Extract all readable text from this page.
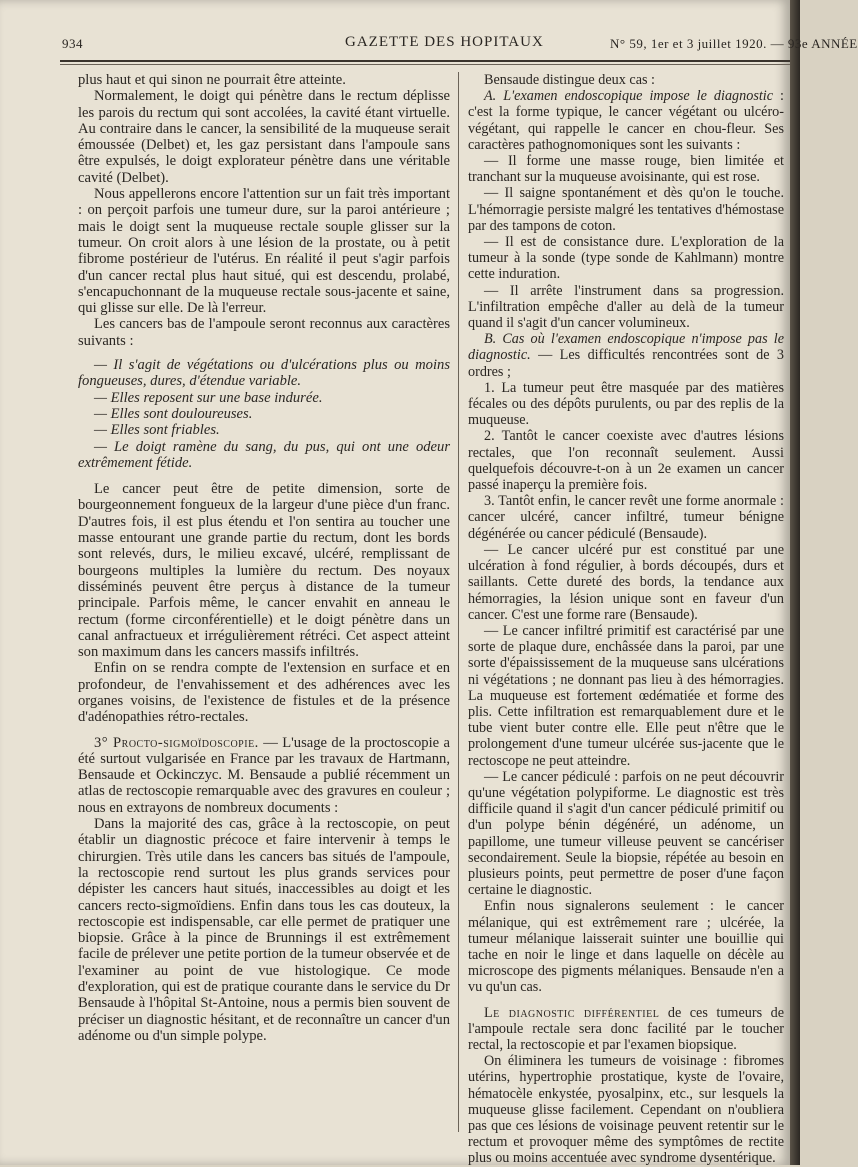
934	GAZETTE DES HOPITAUX	N° 59, 1er et 3 juillet 1920. — 93e ANNÉE

plus haut et qui sinon ne pourrait être atteinte.

Normalement, le doigt qui pénètre dans le rectum déplisse les parois du rectum qui sont accolées, la cavité étant virtuelle. Au contraire dans le cancer, la sensibilité de la muqueuse serait émoussée (Delbet) et, les gaz persistant dans l'ampoule sans être expulsés, le doigt explorateur pénètre dans une véritable cavité (Delbet).

Nous appellerons encore l'attention sur un fait très important : on perçoit parfois une tumeur dure, sur la paroi antérieure ; mais le doigt sent la muqueuse rectale souple glisser sur la tumeur. On croit alors à une lésion de la prostate, ou à petit fibrome postérieur de l'utérus. En réalité il peut s'agir parfois d'un cancer rectal plus haut situé, qui est descendu, prolabé, s'encapuchonnant de la muqueuse rectale sous-jacente et saine, qui glisse sur elle. De là l'erreur.

Les cancers bas de l'ampoule seront reconnus aux caractères suivants :

— Il s'agit de végétations ou d'ulcérations plus ou moins fongueuses, dures, d'étendue variable.

— Elles reposent sur une base indurée.

— Elles sont douloureuses.

— Elles sont friables.

— Le doigt ramène du sang, du pus, qui ont une odeur extrêmement fétide.

Le cancer peut être de petite dimension, sorte de bourgeonnement fongueux de la largeur d'une pièce d'un franc. D'autres fois, il est plus étendu et l'on sentira au toucher une masse entourant une grande partie du rectum, dont les bords sont relevés, durs, le milieu excavé, ulcéré, remplissant de bourgeons multiples la lumière du rectum. Des noyaux disséminés peuvent être perçus à distance de la tumeur principale. Parfois même, le cancer envahit en anneau le rectum (forme circonférentielle) et le doigt pénètre dans un canal anfractueux et irrégulièrement rétréci. Cet aspect atteint son maximum dans les cancers massifs infiltrés.

Enfin on se rendra compte de l'extension en surface et en profondeur, de l'envahissement et des adhérences avec les organes voisins, de l'existence de fistules et de la présence d'adénopathies rétro-rectales.

3° Procto-sigmoïdoscopie. — L'usage de la proctoscopie a été surtout vulgarisée en France par les travaux de Hartmann, Bensaude et Ockinczyc. M. Bensaude a publié récemment un atlas de rectoscopie remarquable avec des gravures en couleur ; nous en extrayons de nombreux documents :

Dans la majorité des cas, grâce à la rectoscopie, on peut établir un diagnostic précoce et faire intervenir à temps le chirurgien. Très utile dans les cancers bas situés de l'ampoule, la rectoscopie rend surtout les plus grands services pour dépister les cancers haut situés, inaccessibles au doigt et les cancers recto-sigmoïdiens. Enfin dans tous les cas douteux, la rectoscopie est indispensable, car elle permet de pratiquer une biopsie. Grâce à la pince de Brunnings il est extrêmement facile de prélever une petite portion de la tumeur observée et de l'examiner au point de vue histologique. Ce mode d'exploration, qui est de pratique courante dans le service du Dr Bensaude à l'hôpital St-Antoine, nous a permis bien souvent de préciser un diagnostic hésitant, et de reconnaître un cancer d'un adénome ou d'un simple polype.

Bensaude distingue deux cas :

A. L'examen endoscopique impose le diagnostic : c'est la forme typique, le cancer végétant ou ulcéro-végétant, qui rappelle le cancer en chou-fleur. Ses caractères pathognomoniques sont les suivants :

— Il forme une masse rouge, bien limitée et tranchant sur la muqueuse avoisinante, qui est rose.

— Il saigne spontanément et dès qu'on le touche. L'hémorragie persiste malgré les tentatives d'hémostase par des tampons de coton.

— Il est de consistance dure. L'exploration de la tumeur à la sonde (type sonde de Kahlmann) montre cette induration.

— Il arrête l'instrument dans sa progression. L'infiltration empêche d'aller au delà de la tumeur quand il s'agit d'un cancer volumineux.

B. Cas où l'examen endoscopique n'impose pas le diagnostic. — Les difficultés rencontrées sont de 3 ordres ;

1. La tumeur peut être masquée par des matières fécales ou des dépôts purulents, ou par des replis de la muqueuse.

2. Tantôt le cancer coexiste avec d'autres lésions rectales, que l'on reconnaît seulement. Aussi quelquefois découvre-t-on à un 2e examen un cancer passé inaperçu la première fois.

3. Tantôt enfin, le cancer revêt une forme anormale : cancer ulcéré, cancer infiltré, tumeur bénigne dégénérée ou cancer pédiculé (Bensaude).

— Le cancer ulcéré pur est constitué par une ulcération à fond régulier, à bords découpés, durs et saillants. Cette dureté des bords, la tendance aux hémorragies, la lésion unique sont en faveur d'un cancer. C'est une forme rare (Bensaude).

— Le cancer infiltré primitif est caractérisé par une sorte de plaque dure, enchâssée dans la paroi, par une sorte d'épaississement de la muqueuse sans ulcérations ni végétations ; ne donnant pas lieu à des hémorragies. La muqueuse est fortement œdématiée et forme des plis. Cette infiltration est remarquablement dure et le tube vient buter contre elle. Elle peut n'être que le prolongement d'une tumeur ulcérée sus-jacente que le rectoscope ne peut atteindre.

— Le cancer pédiculé : parfois on ne peut découvrir qu'une végétation polypiforme. Le diagnostic est très difficile quand il s'agit d'un cancer pédiculé primitif ou d'un polype bénin dégénéré, un adénome, un papillome, une tumeur villeuse peuvent se cancériser secondairement. Seule la biopsie, répétée au besoin en plusieurs points, peut permettre de poser d'une façon certaine le diagnostic.

Enfin nous signalerons seulement : le cancer mélanique, qui est extrêmement rare ; ulcérée, la tumeur mélanique laisserait suinter une bouillie qui tache en noir le linge et dans laquelle on décèle au microscope des pigments mélaniques. Bensaude n'en a vu qu'un cas.

Le diagnostic différentiel de ces tumeurs de l'ampoule rectale sera donc facilité par le toucher rectal, la rectoscopie et par l'examen biopsique.

On éliminera les tumeurs de voisinage : fibromes utérins, hypertrophie prostatique, kyste de l'ovaire, hématocèle enkystée, pyosalpinx, etc., sur lesquels la muqueuse glisse facilement. Cependant on n'oubliera pas que ces lésions de voisinage peuvent retentir sur le rectum et provoquer même des symptômes de rectite plus ou moins accentuée avec syndrome dysentérique.
